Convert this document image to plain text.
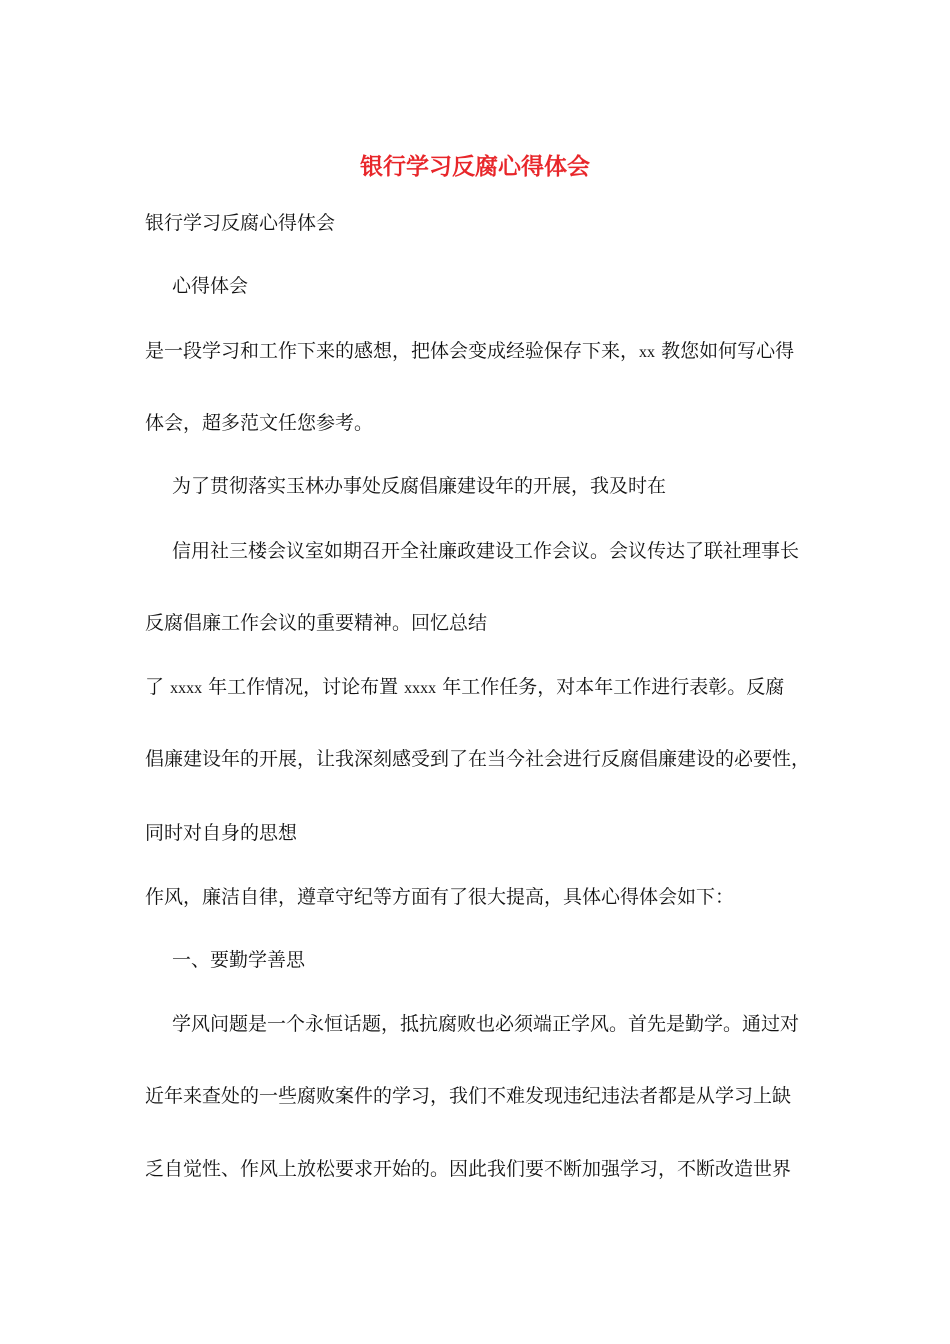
银行学习反腐心得体会
银行学习反腐心得体会
心得体会
是一段学习和工作下来的感想，把体会变成经验保存下来，xx 教您如何写心得
体会，超多范文任您参考。
为了贯彻落实玉林办事处反腐倡廉建设年的开展，我及时在
信用社三楼会议室如期召开全社廉政建设工作会议。会议传达了联社理事长
反腐倡廉工作会议的重要精神。回忆总结
了 xxxx 年工作情况，讨论布置 xxxx 年工作任务，对本年工作进行表彰。反腐
倡廉建设年的开展，让我深刻感受到了在当今社会进行反腐倡廉建设的必要性，
同时对自身的思想
作风，廉洁自律，遵章守纪等方面有了很大提高，具体心得体会如下：
一、要勤学善思
学风问题是一个永恒话题，抵抗腐败也必须端正学风。首先是勤学。通过对
近年来查处的一些腐败案件的学习，我们不难发现违纪违法者都是从学习上缺
乏自觉性、作风上放松要求开始的。因此我们要不断加强学习，不断改造世界
